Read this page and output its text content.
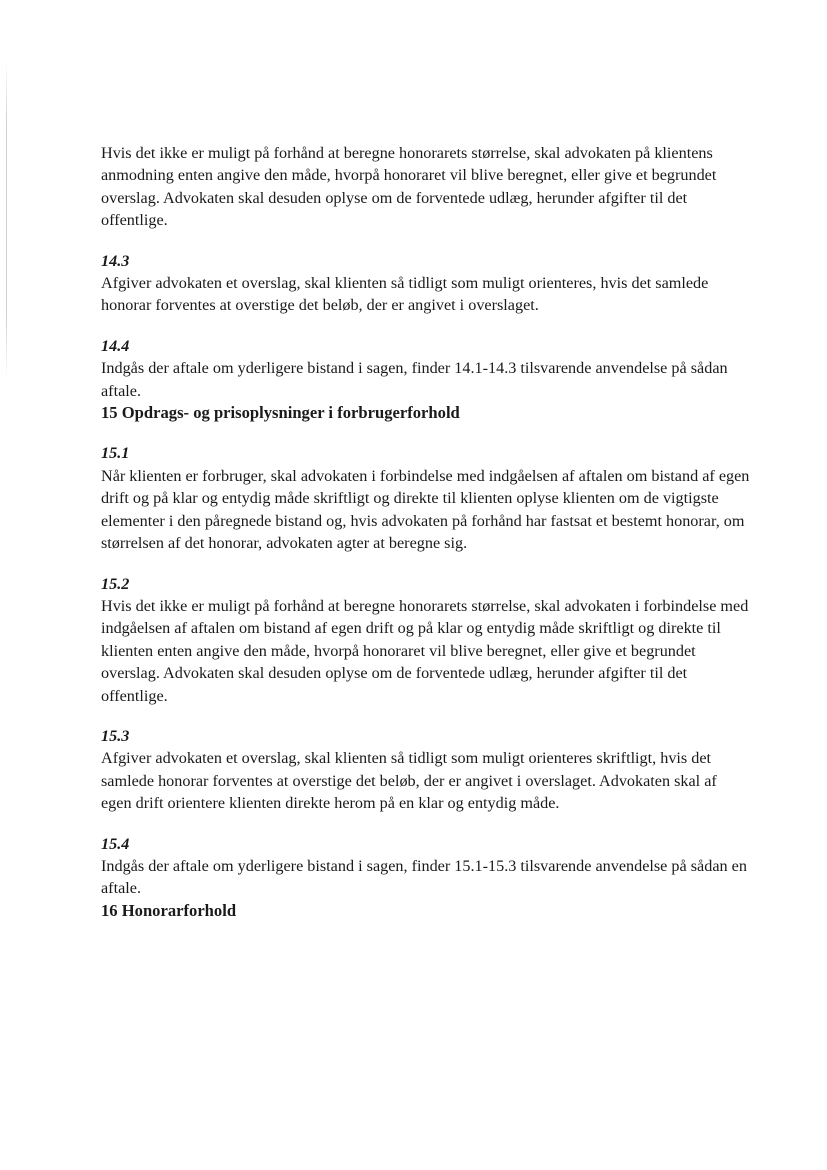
Hvis det ikke er muligt på forhånd at beregne honorarets størrelse, skal advokaten på klientens anmodning enten angive den måde, hvorpå honoraret vil blive beregnet, eller give et begrundet overslag. Advokaten skal desuden oplyse om de forventede udlæg, herunder afgifter til det offentlige.

14.3

Afgiver advokaten et overslag, skal klienten så tidligt som muligt orienteres, hvis det samlede honorar forventes at overstige det beløb, der er angivet i overslaget.

14.4

Indgås der aftale om yderligere bistand i sagen, finder 14.1-14.3 tilsvarende anvendelse på sådan aftale.

15 Opdrags- og prisoplysninger i forbrugerforhold

15.1

Når klienten er forbruger, skal advokaten i forbindelse med indgåelsen af aftalen om bistand af egen drift og på klar og entydig måde skriftligt og direkte til klienten oplyse klienten om de vigtigste elementer i den påregnede bistand og, hvis advokaten på forhånd har fastsat et bestemt honorar, om størrelsen af det honorar, advokaten agter at beregne sig.

15.2

Hvis det ikke er muligt på forhånd at beregne honorarets størrelse, skal advokaten i forbindelse med indgåelsen af aftalen om bistand af egen drift og på klar og entydig måde skriftligt og direkte til klienten enten angive den måde, hvorpå honoraret vil blive beregnet, eller give et begrundet overslag. Advokaten skal desuden oplyse om de forventede udlæg, herunder afgifter til det offentlige.

15.3

Afgiver advokaten et overslag, skal klienten så tidligt som muligt orienteres skriftligt, hvis det samlede honorar forventes at overstige det beløb, der er angivet i overslaget. Advokaten skal af egen drift orientere klienten direkte herom på en klar og entydig måde.

15.4

Indgås der aftale om yderligere bistand i sagen, finder 15.1-15.3 tilsvarende anvendelse på sådan en aftale.

16 Honorarforhold
